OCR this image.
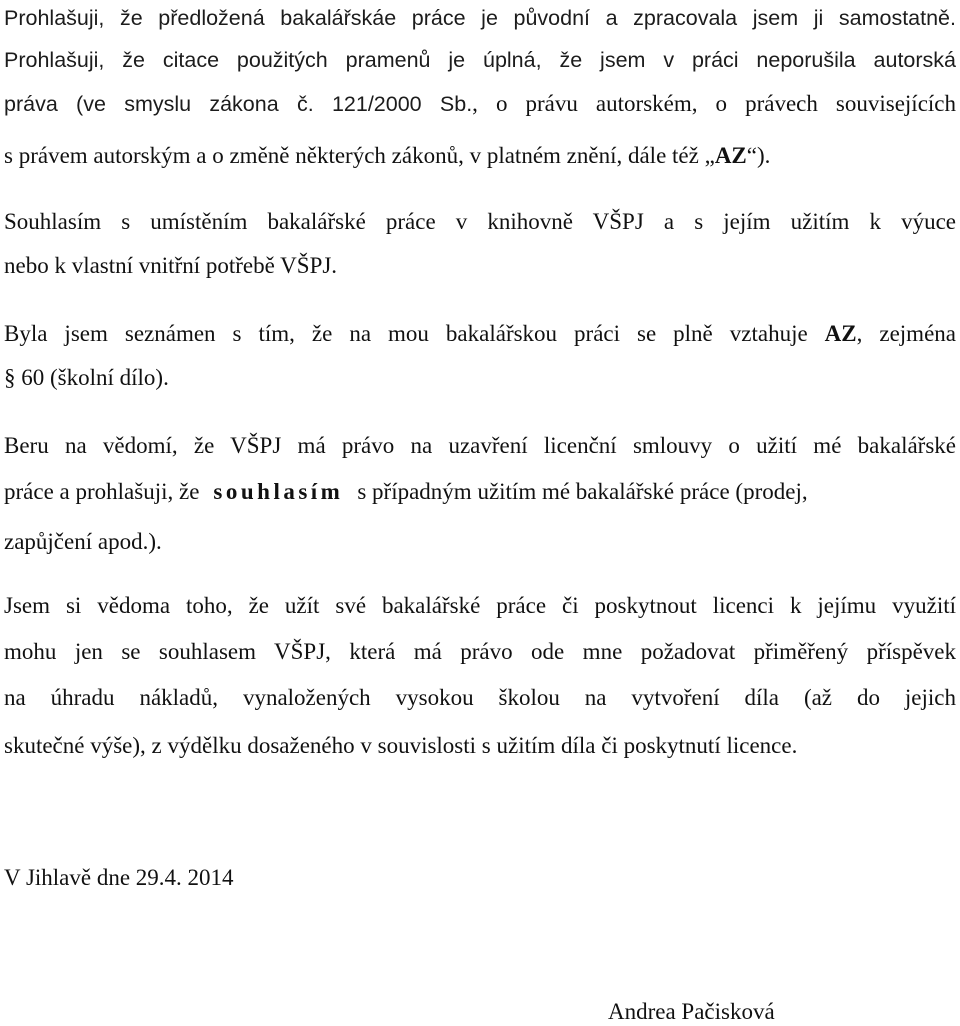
Prohlašuji, že předložená bakalářskáe práce je původní a zpracovala jsem ji samostatně.
Prohlašuji, že citace použitých pramenů je úplná, že jsem v práci neporušila autorská
práva (ve smyslu zákona č. 121/2000 Sb., o právu autorském, o právech souvisejících
s právem autorským a o změně některých zákonů, v platném znění, dále též „AZ“).
Souhlasím s umístěním bakalářské práce v knihovně VŠPJ a s jejím užitím k výuce
nebo k vlastní vnitřní potřebě VŠPJ.
Byla jsem seznámen s tím, že na mou bakalářskou práci se plně vztahuje AZ, zejména
§ 60 (školní dílo).
Beru na vědomí, že VŠPJ má právo na uzavření licenční smlouvy o užití mé bakalářské
práce a prohlašuji, že souhlasím s případným užitím mé bakalářské práce (prodej,
zapůjčení apod.).
Jsem si vědoma toho, že užít své bakalářské práce či poskytnout licenci k jejímu využití
mohu jen se souhlasem VŠPJ, která má právo ode mne požadovat přiměřený příspěvek
na úhradu nákladů, vynaložených vysokou školou na vytvoření díla (až do jejich
skutečné výše), z výdělku dosaženého v souvislosti s užitím díla či poskytnutí licence.
V Jihlavě dne 29.4. 2014
Andrea Pačisková
